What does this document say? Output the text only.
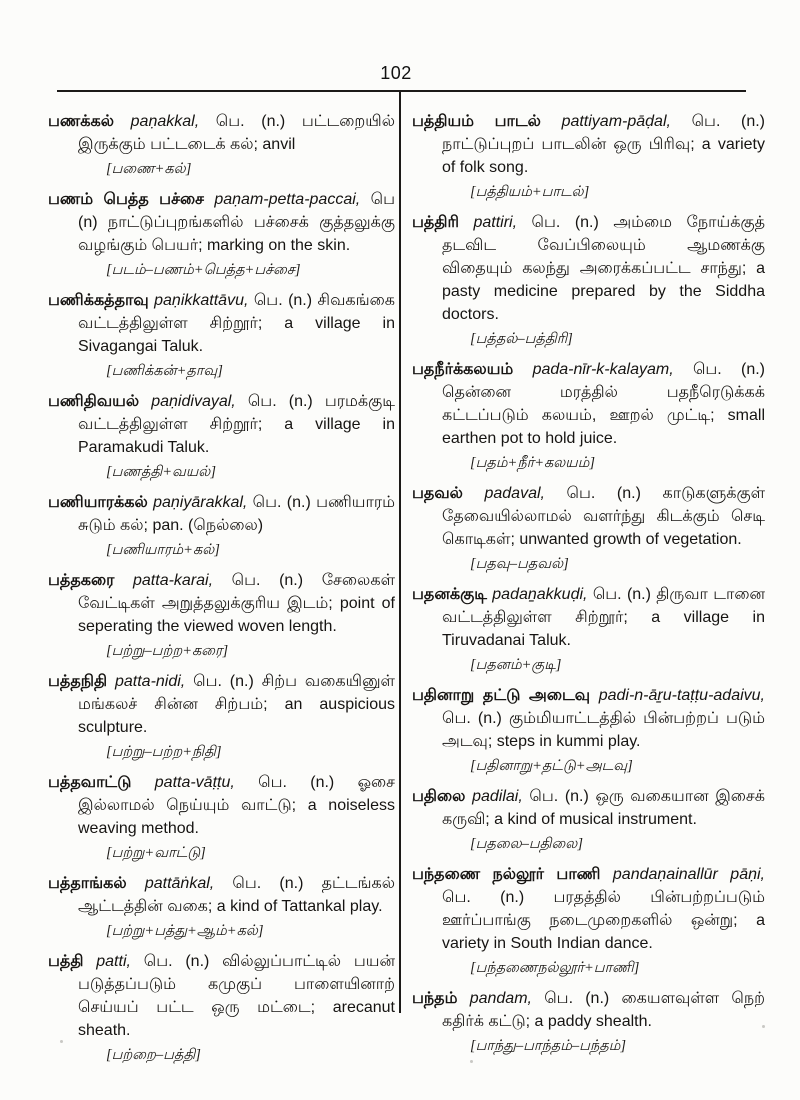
102

பணக்கல் paṇakkal, பெ. (n.) பட்டறையில் இருக்கும் பட்டடைக் கல்; anvil

[பணை+கல்]

பணம் பெத்த பச்சை paṇam-petta-paccai, பெ (n) நாட்டுப்புறங்களில் பச்சைக் குத்தலுக்கு வழங்கும் பெயர்; marking on the skin.

[படம்–பணம்+பெத்த+பச்சை]

பணிக்கத்தாவு paṇikkattāvu, பெ. (n.) சிவகங்கை வட்டத்திலுள்ள சிற்றூர்; a village in Sivagangai Taluk.

[பணிக்கன்+தாவு]

பணிதிவயல் paṇidivayal, பெ. (n.) பரமக்குடி வட்டத்திலுள்ள சிற்றூர்; a village in Paramakudi Taluk.

[பணத்தி+வயல்]

பணியாரக்கல் paṇiyārakkal, பெ. (n.) பணியாரம் சுடும் கல்; pan. (நெல்லை)

[பணியாரம்+கல்]

பத்தகரை patta-karai, பெ. (n.) சேலைகள் வேட்டிகள் அறுத்தலுக்குரிய இடம்; point of seperating the viewed woven length.

[பற்று–பற்ற+கரை]

பத்தநிதி patta-nidi, பெ. (n.) சிற்ப வகையினுள் மங்கலச் சின்ன சிற்பம்; an auspicious sculpture.

[பற்று–பற்ற+நிதி]

பத்தவாட்டு patta-vāṭṭu, பெ. (n.) ஓசை இல்லாமல் நெய்யும் வாட்டு; a noiseless weaving method.

[பற்று+வாட்டு]

பத்தாங்கல் pattāṅkal, பெ. (n.) தட்டங்கல் ஆட்டத்தின் வகை; a kind of Tattankal play.

[பற்று+பத்து+ஆம்+கல்]

பத்தி patti, பெ. (n.) வில்லுப்பாட்டில் பயன் படுத்தப்படும் கமுகுப் பாளையினாற் செய்யப் பட்ட ஒரு மட்டை; arecanut sheath.

[பற்றை–பத்தி]

பத்தியம் பாடல் pattiyam-pāḍal, பெ. (n.) நாட்டுப்புறப் பாடலின் ஒரு பிரிவு; a variety of folk song.

[பத்தியம்+பாடல்]

பத்திரி pattiri, பெ. (n.) அம்மை நோய்க்குத் தடவிட வேப்பிலையும் ஆமணக்கு விதையும் கலந்து அரைக்கப்பட்ட சாந்து; a pasty medicine prepared by the Siddha doctors.

[பத்தல்–பத்திரி]

பதநீர்க்கலயம் pada-nīr-k-kalayam, பெ. (n.) தென்னை மரத்தில் பதநீரெடுக்கக் கட்டப்படும் கலயம், ஊறல் முட்டி; small earthen pot to hold juice.

[பதம்+நீர்+கலயம்]

பதவல் padaval, பெ. (n.) காடுகளுக்குள் தேவையில்லாமல் வளர்ந்து கிடக்கும் செடி கொடிகள்; unwanted growth of vegetation.

[பதவு–பதவல்]

பதனக்குடி padaṉakkuḍi, பெ. (n.) திருவா டானை வட்டத்திலுள்ள சிற்றூர்; a village in Tiruvadanai Taluk.

[பதனம்+குடி]

பதினாறு தட்டு அடைவு padi-n-āṟu-taṭṭu-adaivu, பெ. (n.) கும்மியாட்டத்தில் பின்பற்றப் படும் அடவு; steps in kummi play.

[பதினாறு+தட்டு+அடவு]

பதிலை padilai, பெ. (n.) ஒரு வகையான இசைக் கருவி; a kind of musical instrument.

[பதலை–பதிலை]

பந்தணை நல்லூர் பாணி pandaṇainallūr pāṇi, பெ. (n.) பரதத்தில் பின்பற்றப்படும் ஊர்ப்பாங்கு நடைமுறைகளில் ஒன்று; a variety in South Indian dance.

[பந்தணைநல்லூர்+பாணி]

பந்தம் pandam, பெ. (n.) கையளவுள்ள நெற் கதிர்க் கட்டு; a paddy shealth.

[பாந்து–பாந்தம்–பந்தம்]
